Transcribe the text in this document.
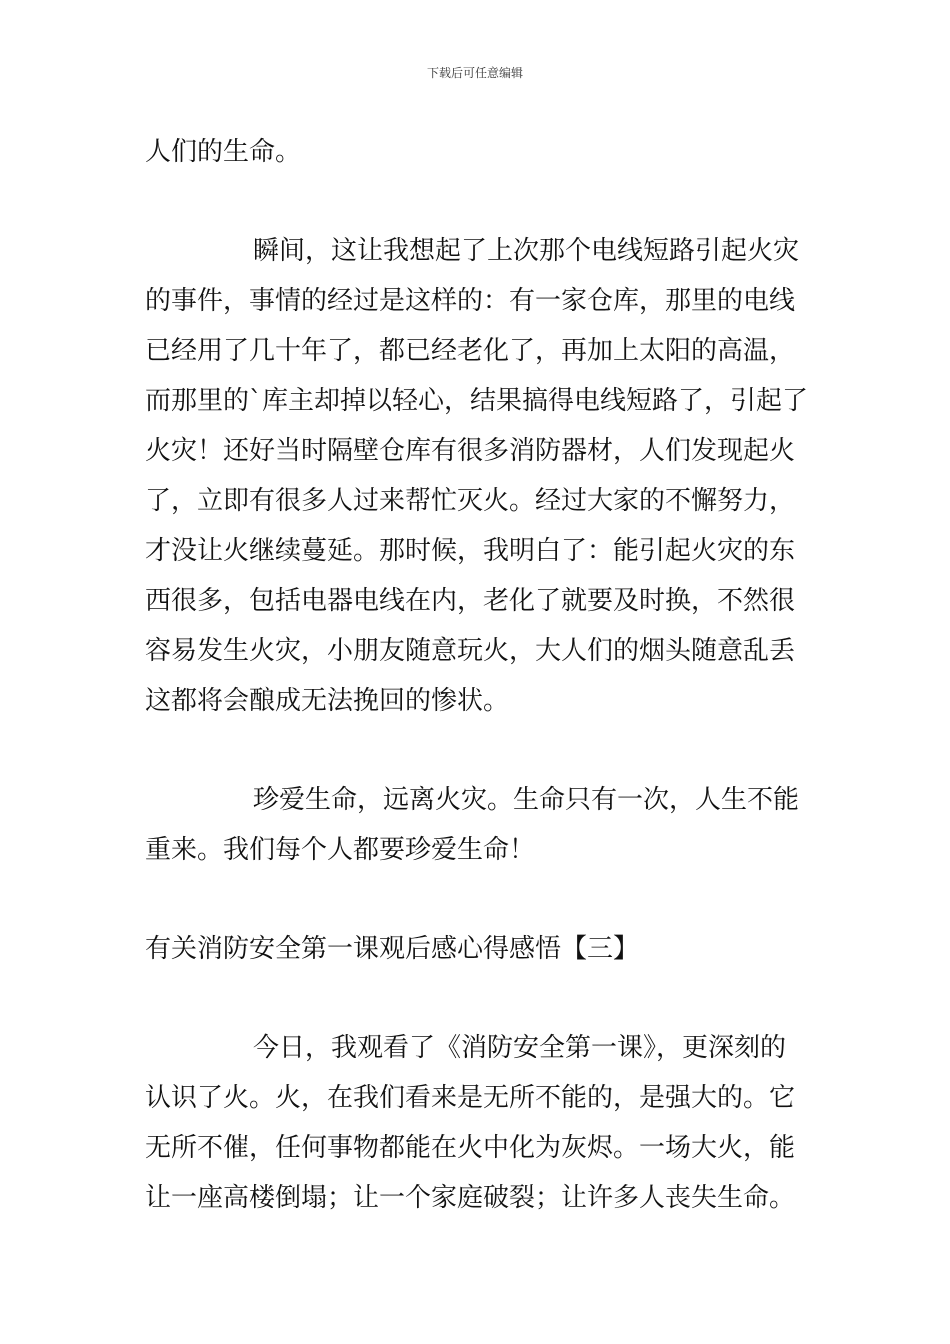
下载后可任意编辑
人们的生命。
瞬间，这让我想起了上次那个电线短路引起火灾
的事件，事情的经过是这样的：有一家仓库，那里的电线
已经用了几十年了，都已经老化了，再加上太阳的高温，
而那里的`库主却掉以轻心，结果搞得电线短路了，引起了
火灾！还好当时隔壁仓库有很多消防器材，人们发现起火
了，立即有很多人过来帮忙灭火。经过大家的不懈努力，
才没让火继续蔓延。那时候，我明白了：能引起火灾的东
西很多，包括电器电线在内，老化了就要及时换，不然很
容易发生火灾，小朋友随意玩火，大人们的烟头随意乱丢
这都将会酿成无法挽回的惨状。
珍爱生命，远离火灾。生命只有一次，人生不能
重来。我们每个人都要珍爱生命！
有关消防安全第一课观后感心得感悟【三】
今日，我观看了《消防安全第一课》，更深刻的
认识了火。火，在我们看来是无所不能的，是强大的。它
无所不催，任何事物都能在火中化为灰烬。一场大火，能
让一座高楼倒塌；让一个家庭破裂；让许多人丧失生命。
